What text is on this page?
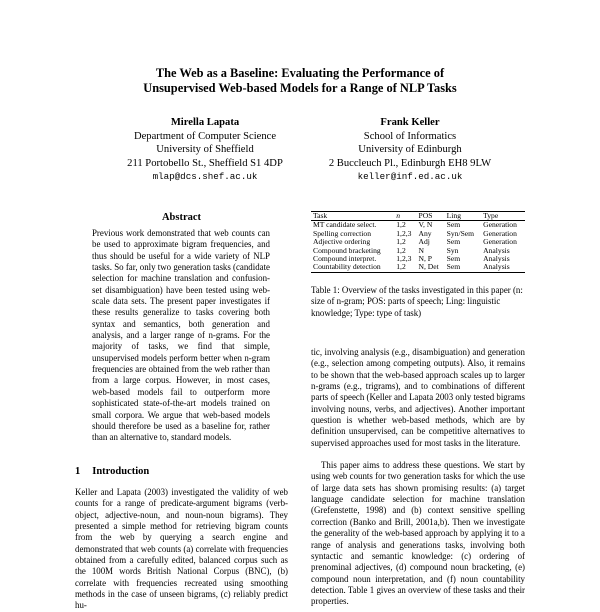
The Web as a Baseline: Evaluating the Performance of
Unsupervised Web-based Models for a Range of NLP Tasks
Mirella Lapata
Department of Computer Science
University of Sheffield
211 Portobello St., Sheffield S1 4DP
mlap@dcs.shef.ac.uk
Frank Keller
School of Informatics
University of Edinburgh
2 Buccleuch Pl., Edinburgh EH8 9LW
keller@inf.ed.ac.uk
Abstract

Previous work demonstrated that web counts can be used to approximate bigram frequencies, and thus should be useful for a wide variety of NLP tasks. So far, only two generation tasks (candidate selection for machine translation and confusion-set disambiguation) have been tested using web-scale data sets. The present paper investigates if these results generalize to tasks covering both syntax and semantics, both generation and analysis, and a larger range of n-grams. For the majority of tasks, we find that simple, unsupervised models perform better when n-gram frequencies are obtained from the web rather than from a large corpus. However, in most cases, web-based models fail to outperform more sophisticated state-of-the-art models trained on small corpora. We argue that web-based models should therefore be used as a baseline for, rather than an alternative to, standard models.

1 Introduction

Keller and Lapata (2003) investigated the validity of web counts for a range of predicate-argument bigrams (verb-object, adjective-noun, and noun-noun bigrams). They presented a simple method for retrieving bigram counts from the web by querying a search engine and demonstrated that web counts (a) correlate with frequencies obtained from a carefully edited, balanced corpus such as the 100M words British National Corpus (BNC), (b) correlate with frequencies recreated using smoothing methods in the case of unseen bigrams, (c) reliably predict hu-

Task	n	POS	Ling	Type
MT candidate select.	1,2	V, N	Sem	Generation
Spelling correction	1,2,3	Any	Syn/Sem	Generation
Adjective ordering	1,2	Adj	Sem	Generation
Compound bracketing	1,2	N	Syn	Analysis
Compound interpret.	1,2,3	N, P	Sem	Analysis
Countability detection	1,2	N, Det	Sem	Analysis

Table 1: Overview of the tasks investigated in this paper (n: size of n-gram; POS: parts of speech; Ling: linguistic knowledge; Type: type of task)

tic, involving analysis (e.g., disambiguation) and generation (e.g., selection among competing outputs). Also, it remains to be shown that the web-based approach scales up to larger n-grams (e.g., trigrams), and to combinations of different parts of speech (Keller and Lapata 2003 only tested bigrams involving nouns, verbs, and adjectives). Another important question is whether web-based methods, which are by definition unsupervised, can be competitive alternatives to supervised approaches used for most tasks in the literature.

This paper aims to address these questions. We start by using web counts for two generation tasks for which the use of large data sets has shown promising results: (a) target language candidate selection for machine translation (Grefenstette, 1998) and (b) context sensitive spelling correction (Banko and Brill, 2001a,b). Then we investigate the generality of the web-based approach by applying it to a range of analysis and generations tasks, involving both syntactic and semantic knowledge: (c) ordering of prenominal adjectives, (d) compound noun bracketing, (e) compound noun interpretation, and (f) noun countability detection. Table 1 gives an overview of these tasks and their properties.
